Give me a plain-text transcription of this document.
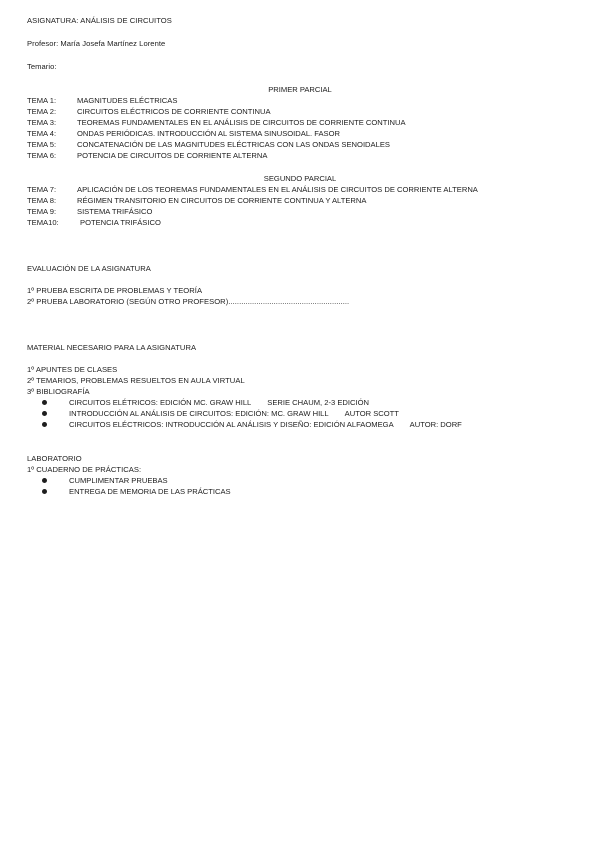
ASIGNATURA: ANÁLISIS DE CIRCUITOS
Profesor: María Josefa Martínez Lorente
Temario:
PRIMER PARCIAL
TEMA 1:	MAGNITUDES ELÉCTRICAS
TEMA 2:	CIRCUITOS ELÉCTRICOS DE CORRIENTE CONTINUA
TEMA 3:	TEOREMAS FUNDAMENTALES EN EL ANÁLISIS DE CIRCUITOS DE CORRIENTE CONTINUA
TEMA 4:	ONDAS PERIÓDICAS. INTRODUCCIÓN AL SISTEMA SINUSOIDAL. FASOR
TEMA 5:	CONCATENACIÓN DE LAS MAGNITUDES ELÉCTRICAS CON LAS ONDAS SENOIDALES
TEMA 6:	POTENCIA DE CIRCUITOS DE CORRIENTE ALTERNA
SEGUNDO PARCIAL
TEMA 7:	APLICACIÓN DE LOS TEOREMAS FUNDAMENTALES EN EL ANÁLISIS DE CIRCUITOS DE CORRIENTE ALTERNA
TEMA 8:	RÉGIMEN TRANSITORIO EN CIRCUITOS DE CORRIENTE CONTINUA Y ALTERNA
TEMA 9:	SISTEMA TRIFÁSICO
TEMA10:	POTENCIA TRIFÁSICO
EVALUACIÓN DE LA ASIGNATURA
1º PRUEBA ESCRITA DE PROBLEMAS Y TEORÍA
2º PRUEBA LABORATORIO (SEGÚN OTRO PROFESOR)........................................................
MATERIAL NECESARIO PARA LA ASIGNATURA
1º APUNTES DE CLASES
2º TEMARIOS, PROBLEMAS RESUELTOS EN AULA VIRTUAL
3º BIBLIOGRAFÍA
CIRCUITOS ELÉTRICOS: EDICIÓN MC. GRAW HILL SERIE CHAUM, 2-3 EDICIÓN
INTRODUCCIÓN AL ANÁLISIS DE CIRCUITOS: EDICIÓN: MC. GRAW HILL AUTOR SCOTT
CIRCUITOS ELÉCTRICOS: INTRODUCCIÓN AL ANÁLISIS Y DISEÑO: EDICIÓN ALFAOMEGA AUTOR: DORF
LABORATORIO
1º CUADERNO DE PRÁCTICAS:
CUMPLIMENTAR PRUEBAS
ENTREGA DE MEMORIA DE LAS PRÁCTICAS
